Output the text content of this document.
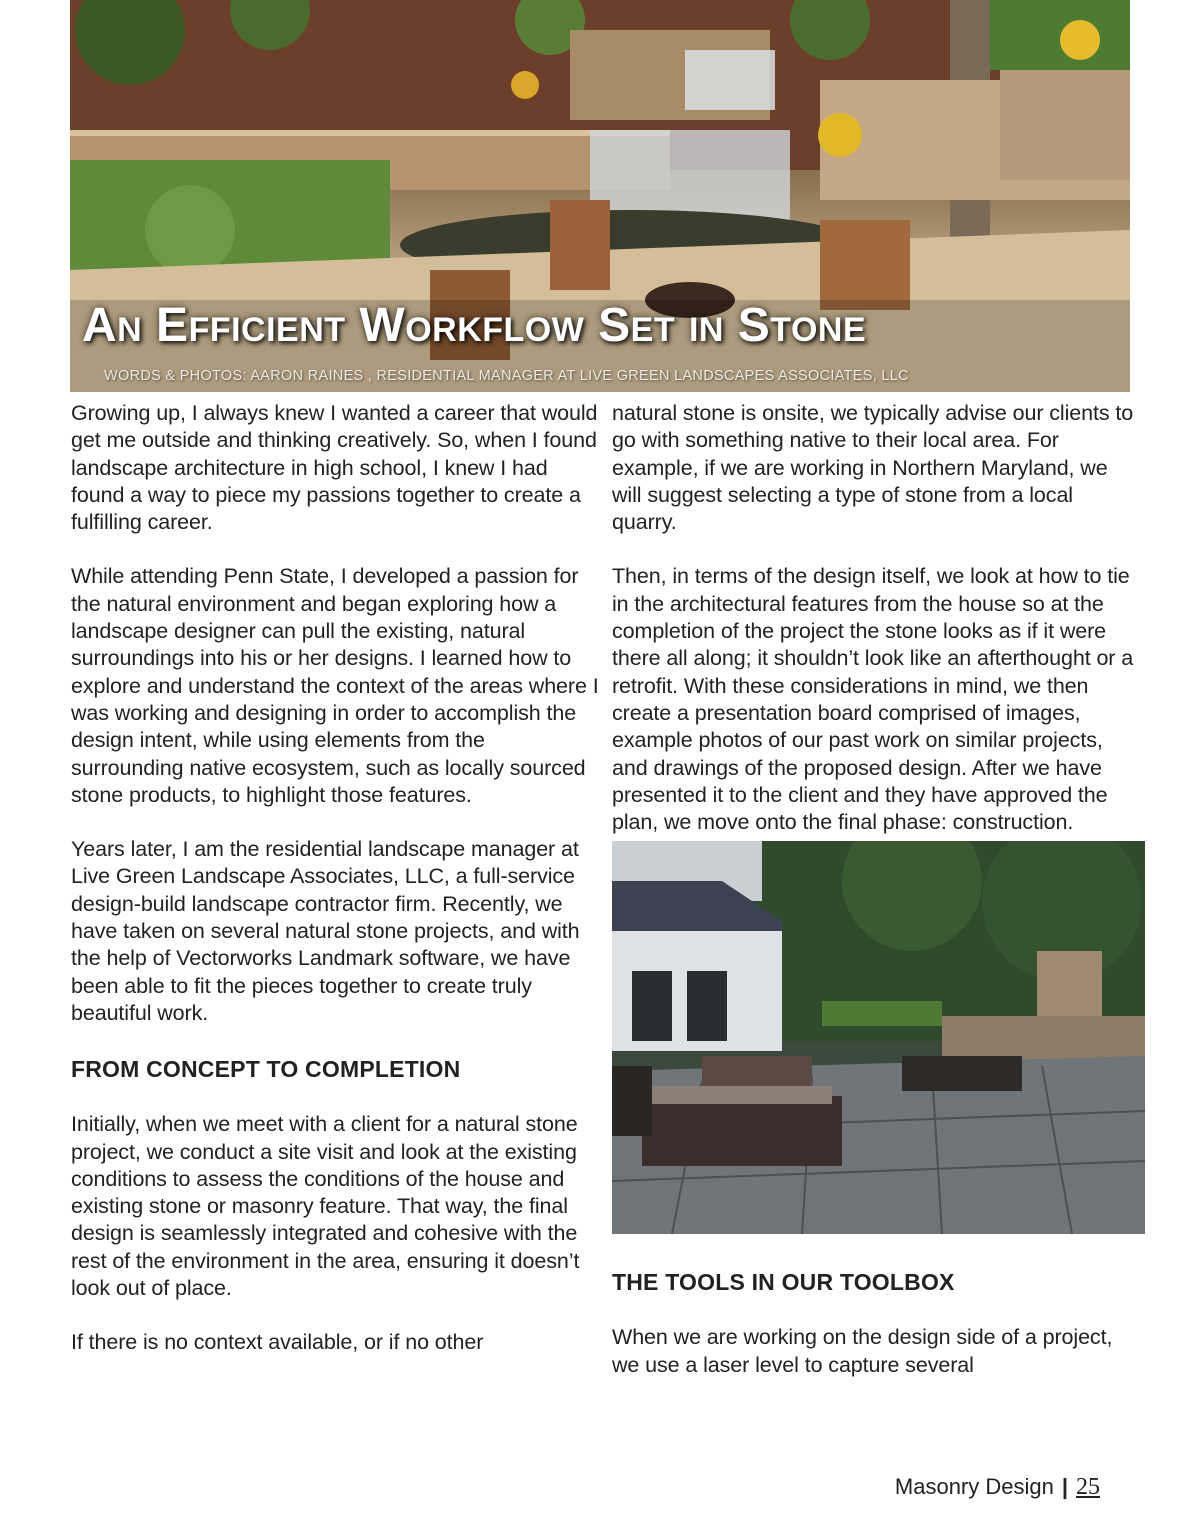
An Efficient Workflow Set in Stone
WORDS & PHOTOS: AARON RAINES , RESIDENTIAL MANAGER AT LIVE GREEN LANDSCAPES ASSOCIATES, LLC

Growing up, I always knew I wanted a career that would get me outside and thinking creatively. So, when I found landscape architecture in high school, I knew I had found a way to piece my passions together to create a fulfilling career.

While attending Penn State, I developed a passion for the natural environment and began exploring how a landscape designer can pull the existing, natural surroundings into his or her designs. I learned how to explore and understand the context of the areas where I was working and designing in order to accomplish the design intent, while using elements from the surrounding native ecosystem, such as locally sourced stone products, to highlight those features.

Years later, I am the residential landscape manager at Live Green Landscape Associates, LLC, a full-service design-build landscape contractor firm. Recently, we have taken on several natural stone projects, and with the help of Vectorworks Landmark software, we have been able to fit the pieces together to create truly beautiful work.

FROM CONCEPT TO COMPLETION

Initially, when we meet with a client for a natural stone project, we conduct a site visit and look at the existing conditions to assess the conditions of the house and existing stone or masonry feature. That way, the final design is seamlessly integrated and cohesive with the rest of the environment in the area, ensuring it doesn’t look out of place.

If there is no context available, or if no other

natural stone is onsite, we typically advise our clients to go with something native to their local area. For example, if we are working in Northern Maryland, we will suggest selecting a type of stone from a local quarry.

Then, in terms of the design itself, we look at how to tie in the architectural features from the house so at the completion of the project the stone looks as if it were there all along; it shouldn’t look like an afterthought or a retrofit. With these considerations in mind, we then create a presentation board comprised of images, example photos of our past work on similar projects, and drawings of the proposed design. After we have presented it to the client and they have approved the plan, we move onto the final phase: construction.

THE TOOLS IN OUR TOOLBOX

When we are working on the design side of a project, we use a laser level to capture several

Masonry Design | 25
